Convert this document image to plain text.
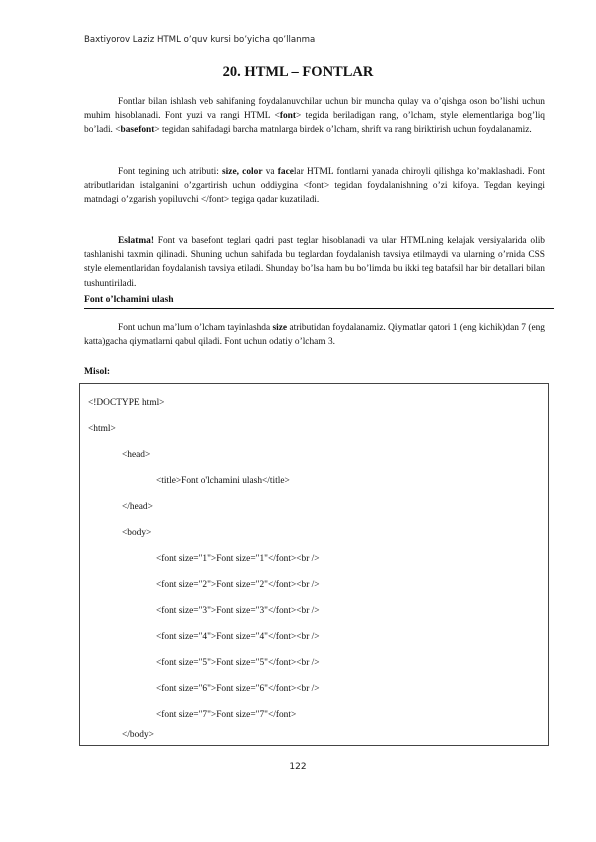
Baxtiyorov Laziz HTML o’quv kursi bo’yicha qo’llanma
20. HTML – FONTLAR

Fontlar bilan ishlash veb sahifaning foydalanuvchilar uchun bir muncha qulay va o’qishga oson bo’lishi uchun muhim hisoblanadi. Font yuzi va rangi HTML <font> tegida beriladigan rang, o’lcham, style elementlariga bog’liq bo’ladi. <basefont> tegidan sahifadagi barcha matnlarga birdek o’lcham, shrift va rang biriktirish uchun foydalanamiz.

Font tegining uch atributi: size, color va facelar HTML fontlarni yanada chiroyli qilishga ko’maklashadi. Font atributlaridan istalganini o’zgartirish uchun oddiygina <font> tegidan foydalanishning o’zi kifoya. Tegdan keyingi matndagi o’zgarish yopiluvchi </font> tegiga qadar kuzatiladi.

Eslatma! Font va basefont teglari qadri past teglar hisoblanadi va ular HTMLning kelajak versiyalarida olib tashlanishi taxmin qilinadi. Shuning uchun sahifada bu teglardan foydalanish tavsiya etilmaydi va ularning o’rnida CSS style elementlaridan foydalanish tavsiya etiladi. Shunday bo’lsa ham bu bo’limda bu ikki teg batafsil har bir detallari bilan tushuntiriladi.

Font o’lchamini ulash

Font uchun ma’lum o’lcham tayinlashda size atributidan foydalanamiz. Qiymatlar qatori 1 (eng kichik)dan 7 (eng katta)gacha qiymatlarni qabul qiladi. Font uchun odatiy o’lcham 3.

Misol:
<!DOCTYPE html>
<html>
<head>
<title>Font o'lchamini ulash</title>
</head>
<body>
<font size="1">Font size="1"</font><br />
<font size="2">Font size="2"</font><br />
<font size="3">Font size="3"</font><br />
<font size="4">Font size="4"</font><br />
<font size="5">Font size="5"</font><br />
<font size="6">Font size="6"</font><br />
<font size="7">Font size="7"</font>
</body>
122
